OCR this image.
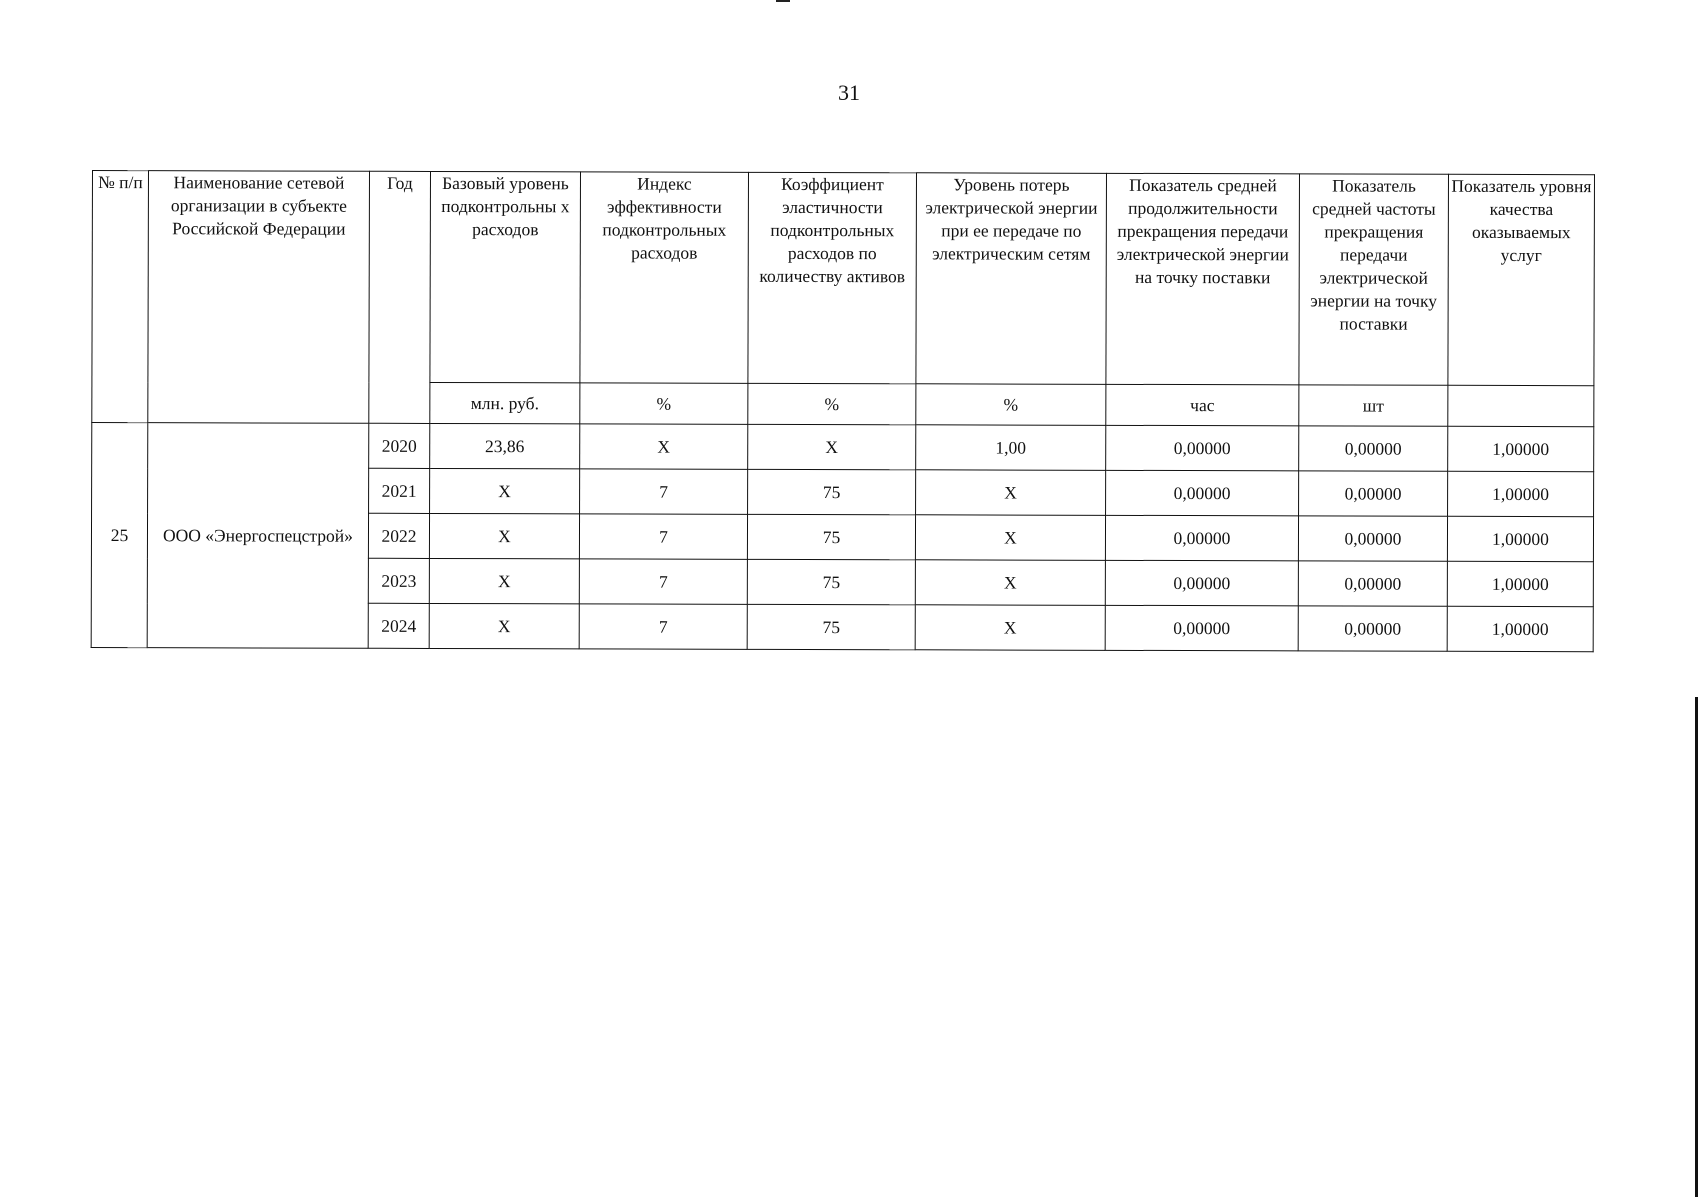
31
№ п/п	Наименование сетевой организации в субъекте Российской Федерации	Год	Базовый уровень подконтрольны х расходов	Индекс эффективности подконтрольных расходов	Коэффициент эластичности подконтрольных расходов по количеству активов	Уровень потерь электрической энергии при ее передаче по электрическим сетям	Показатель средней продолжительности прекращения передачи электрической энергии на точку поставки	Показатель средней частоты прекращения передачи электрической энергии на точку поставки	Показатель уровня качества оказываемых услуг
			млн. руб.	%	%	%	час	шт	
25	ООО «Энергоспецстрой»	2020	23,86	X	X	1,00	0,00000	0,00000	1,00000
		2021	X	7	75	X	0,00000	0,00000	1,00000
		2022	X	7	75	X	0,00000	0,00000	1,00000
		2023	X	7	75	X	0,00000	0,00000	1,00000
		2024	X	7	75	X	0,00000	0,00000	1,00000
